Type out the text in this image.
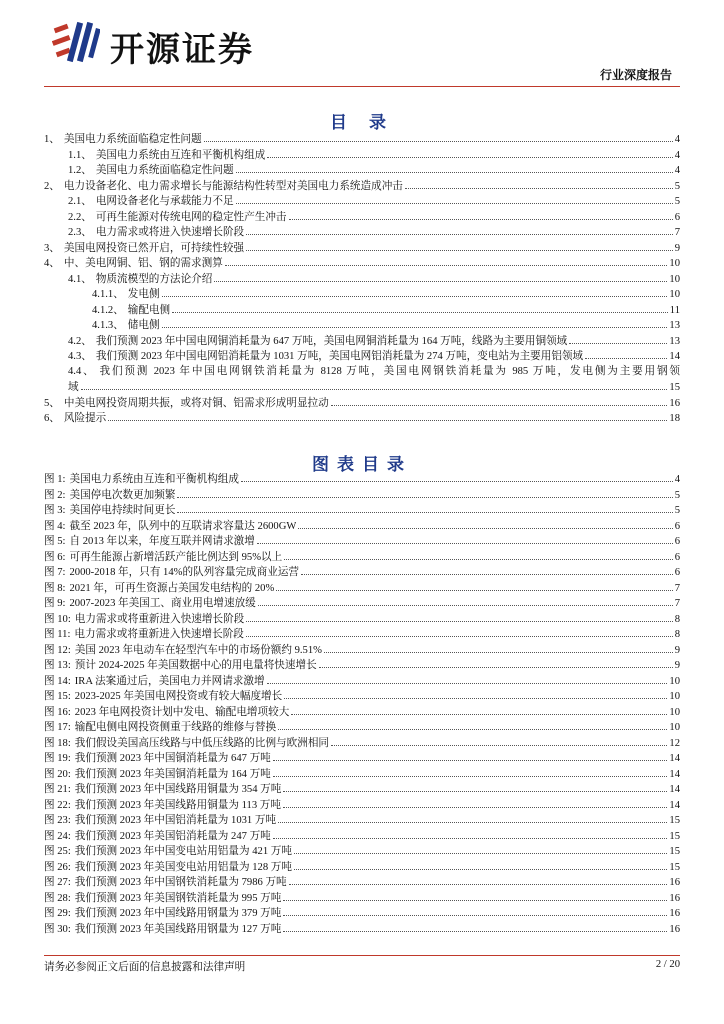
开源证券
行业深度报告
目 录
1、 美国电力系统面临稳定性问题	4
1.1、 美国电力系统由互连和平衡机构组成	4
1.2、 美国电力系统面临稳定性问题	4
2、 电力设备老化、电力需求增长与能源结构性转型对美国电力系统造成冲击	5
2.1、 电网设备老化与承载能力不足	5
2.2、 可再生能源对传统电网的稳定性产生冲击	6
2.3、 电力需求或将进入快速增长阶段	7
3、 美国电网投资已然开启，可持续性较强	9
4、 中、美电网铜、铝、钢的需求测算	10
4.1、 物质流模型的方法论介绍	10
4.1.1、 发电侧	10
4.1.2、 输配电侧	11
4.1.3、 储电侧	13
4.2、 我们预测 2023 年中国电网铜消耗量为 647 万吨，美国电网铜消耗量为 164 万吨，线路为主要用铜领域	13
4.3、 我们预测 2023 年中国电网铝消耗量为 1031 万吨，美国电网铝消耗量为 274 万吨，变电站为主要用铝领域	14
4.4、 我们预测 2023 年中国电网钢铁消耗量为 8128 万吨，美国电网钢铁消耗量为 985 万吨，发电侧为主要用钢领
域	15
5、 中美电网投资周期共振，或将对铜、铝需求形成明显拉动	16
6、 风险提示	18
图表目录
图 1: 美国电力系统由互连和平衡机构组成	4
图 2: 美国停电次数更加频繁	5
图 3: 美国停电持续时间更长	5
图 4: 截至 2023 年，队列中的互联请求容量达 2600GW	6
图 5: 自 2013 年以来，年度互联并网请求激增	6
图 6: 可再生能源占新增活跃产能比例达到 95%以上	6
图 7: 2000-2018 年，只有 14%的队列容量完成商业运营	6
图 8: 2021 年，可再生资源占美国发电结构的 20%	7
图 9: 2007-2023 年美国工、商业用电增速放缓	7
图 10: 电力需求或将重新进入快速增长阶段	8
图 11: 电力需求或将重新进入快速增长阶段	8
图 12: 美国 2023 年电动车在轻型汽车中的市场份额约 9.51%	9
图 13: 预计 2024-2025 年美国数据中心的用电量将快速增长	9
图 14: IRA 法案通过后，美国电力并网请求激增	10
图 15: 2023-2025 年美国电网投资或有较大幅度增长	10
图 16: 2023 年电网投资计划中发电、输配电增项较大	10
图 17: 输配电侧电网投资侧重于线路的维修与替换	10
图 18: 我们假设美国高压线路与中低压线路的比例与欧洲相同	12
图 19: 我们预测 2023 年中国铜消耗量为 647 万吨	14
图 20: 我们预测 2023 年美国铜消耗量为 164 万吨	14
图 21: 我们预测 2023 年中国线路用铜量为 354 万吨	14
图 22: 我们预测 2023 年美国线路用铜量为 113 万吨	14
图 23: 我们预测 2023 年中国铝消耗量为 1031 万吨	15
图 24: 我们预测 2023 年美国铝消耗量为 247 万吨	15
图 25: 我们预测 2023 年中国变电站用铝量为 421 万吨	15
图 26: 我们预测 2023 年美国变电站用铝量为 128 万吨	15
图 27: 我们预测 2023 年中国钢铁消耗量为 7986 万吨	16
图 28: 我们预测 2023 年美国钢铁消耗量为 995 万吨	16
图 29: 我们预测 2023 年中国线路用钢量为 379 万吨	16
图 30: 我们预测 2023 年美国线路用钢量为 127 万吨	16
请务必参阅正文后面的信息披露和法律声明	2 / 20
